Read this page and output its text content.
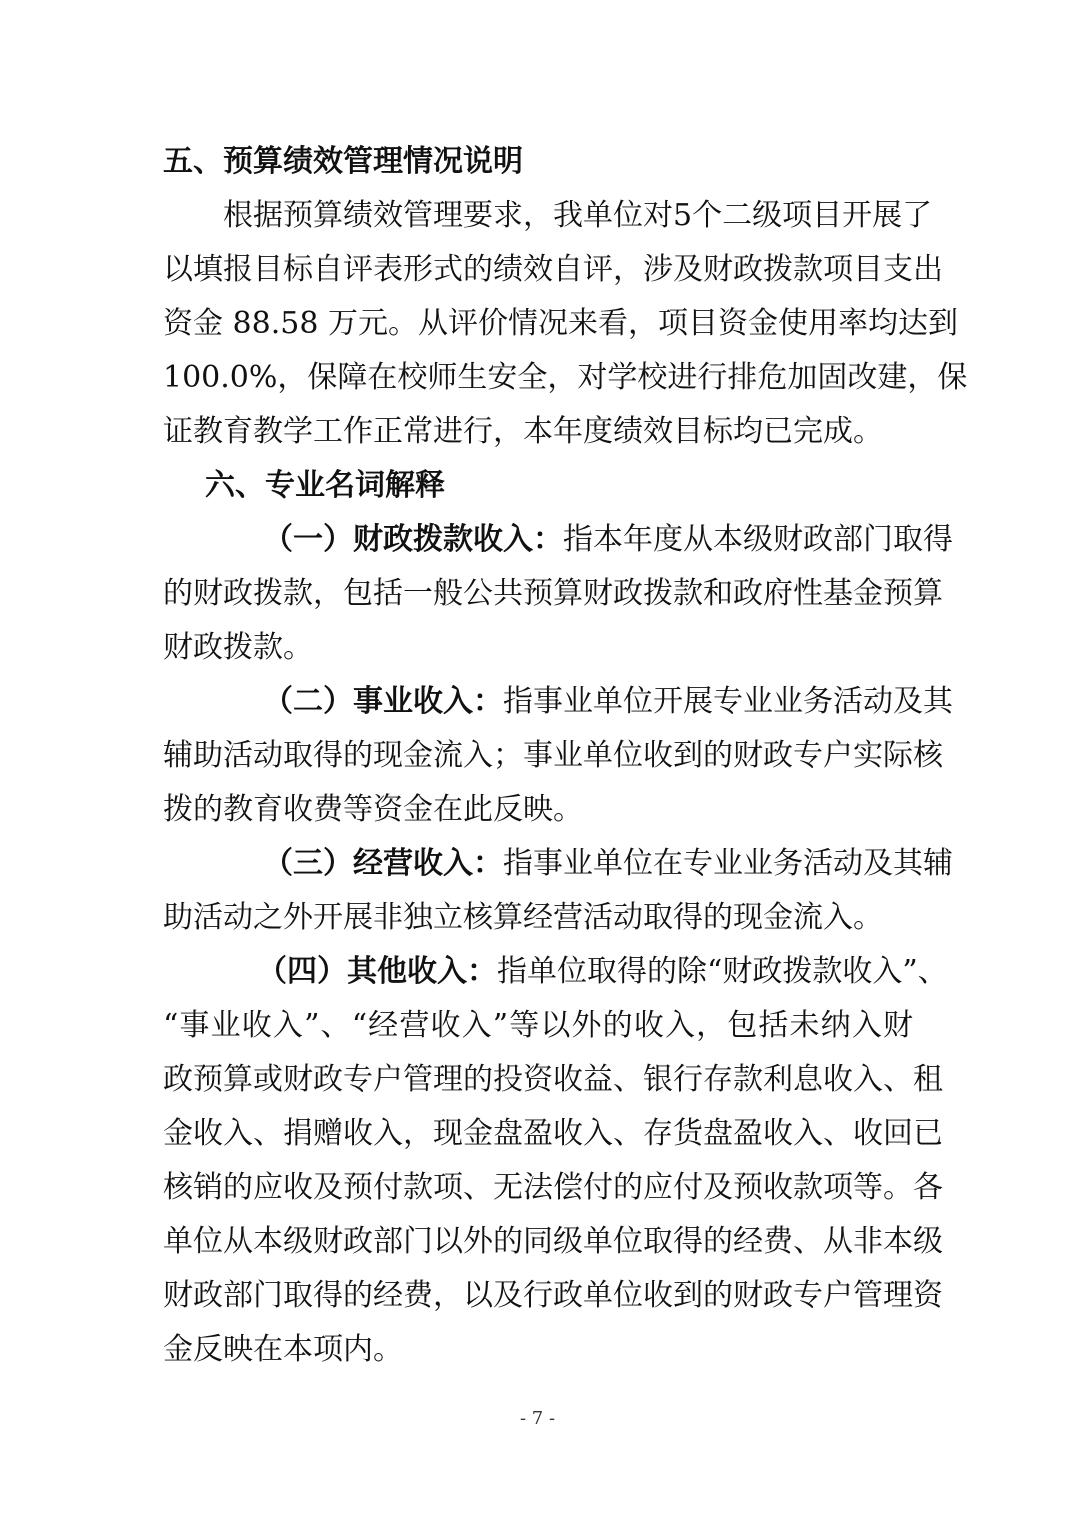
五、预算绩效管理情况说明
根据预算绩效管理要求，我单位对5个二级项目开展了
以填报目标自评表形式的绩效自评，涉及财政拨款项目支出
资金 88.58 万元。从评价情况来看，项目资金使用率均达到
100.0%，保障在校师生安全，对学校进行排危加固改建，保
证教育教学工作正常进行，本年度绩效目标均已完成。
六、专业名词解释
（一）财政拨款收入：指本年度从本级财政部门取得
的财政拨款，包括一般公共预算财政拨款和政府性基金预算
财政拨款。
（二）事业收入：指事业单位开展专业业务活动及其
辅助活动取得的现金流入；事业单位收到的财政专户实际核
拨的教育收费等资金在此反映。
（三）经营收入：指事业单位在专业业务活动及其辅
助活动之外开展非独立核算经营活动取得的现金流入。
（四）其他收入：指单位取得的除“财政拨款收入”、
“事业收入”、“经营收入”等以外的收入，包括未纳入财
政预算或财政专户管理的投资收益、银行存款利息收入、租
金收入、捐赠收入，现金盘盈收入、存货盘盈收入、收回已
核销的应收及预付款项、无法偿付的应付及预收款项等。各
单位从本级财政部门以外的同级单位取得的经费、从非本级
财政部门取得的经费，以及行政单位收到的财政专户管理资
金反映在本项内。
- 7 -
